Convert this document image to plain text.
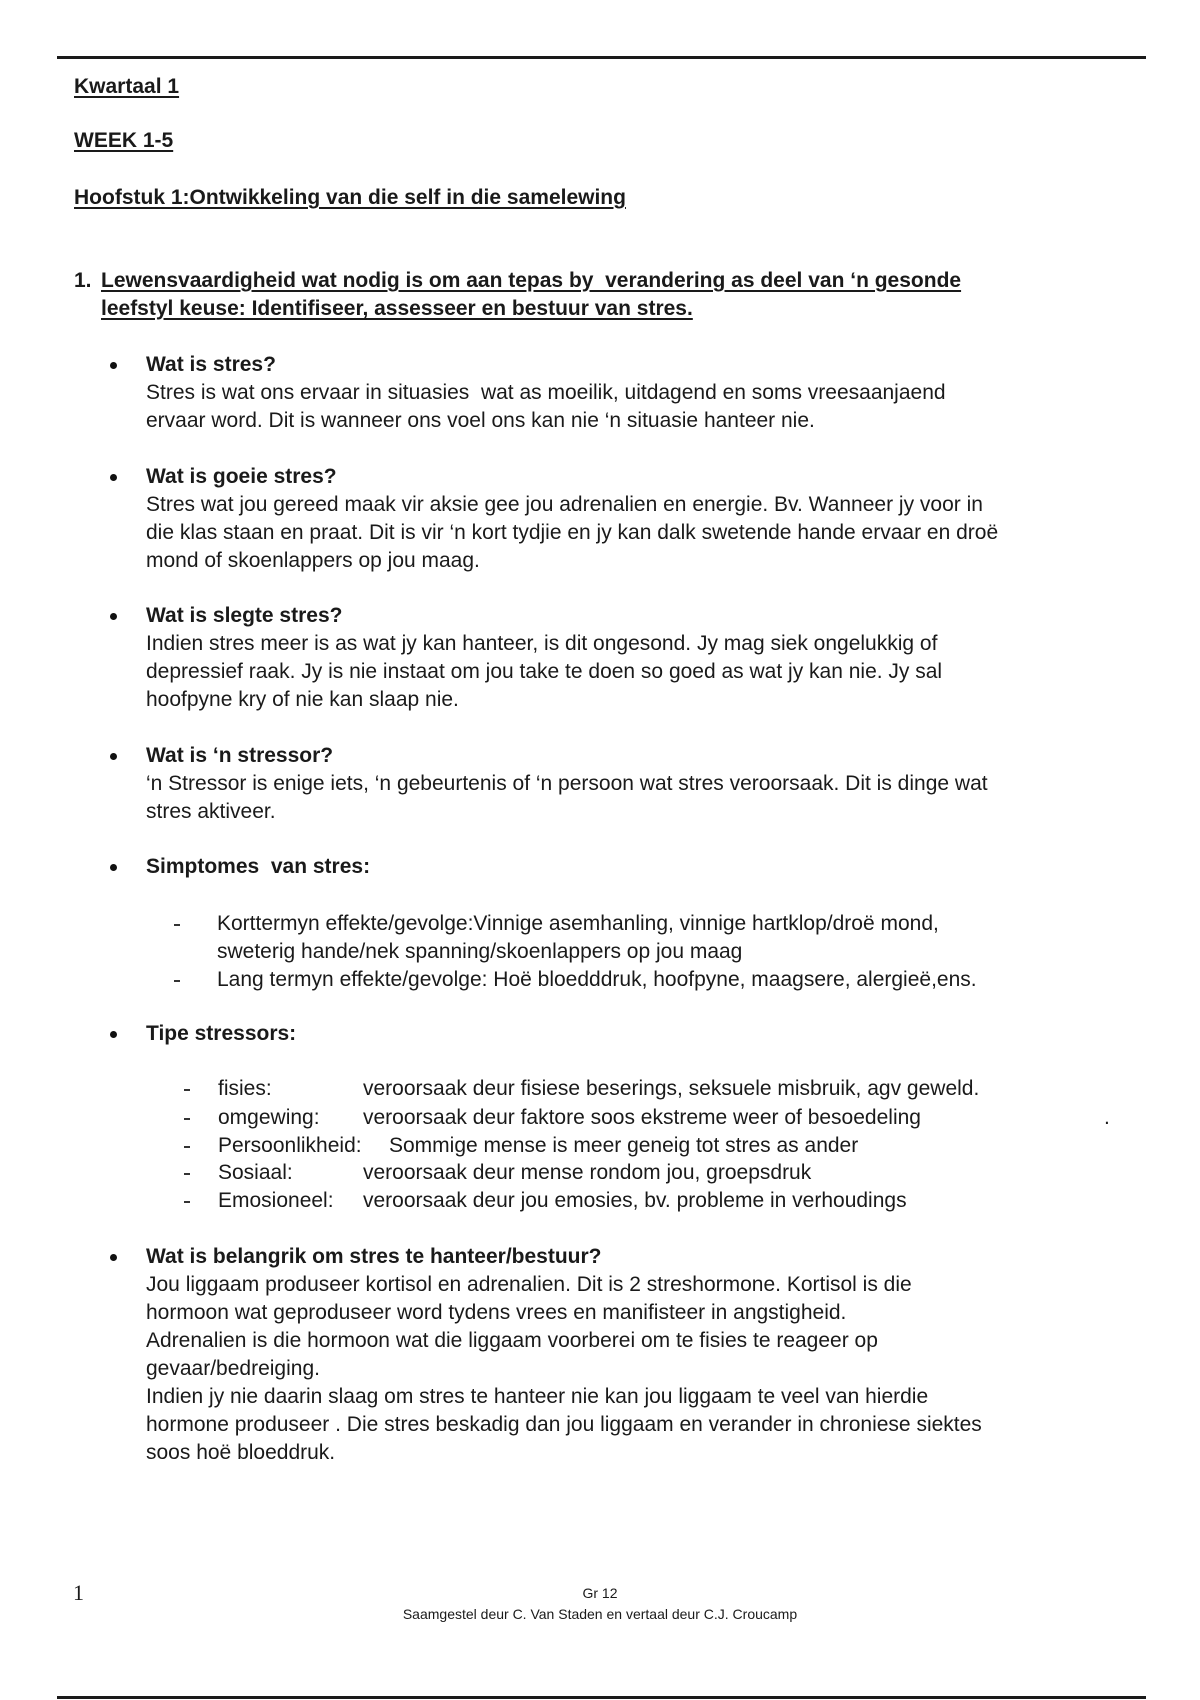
Kwartaal 1
WEEK 1-5
Hoofstuk 1:Ontwikkeling van die self in die samelewing
1. Lewensvaardigheid wat nodig is om aan tepas by  verandering as deel van ‘n gesonde
leefstyl keuse: Identifiseer, assesseer en bestuur van stres.
Wat is stres?
Stres is wat ons ervaar in situasies  wat as moeilik, uitdagend en soms vreesaanjaend
ervaar word. Dit is wanneer ons voel ons kan nie ‘n situasie hanteer nie.
Wat is goeie stres?
Stres wat jou gereed maak vir aksie gee jou adrenalien en energie. Bv. Wanneer jy voor in
die klas staan en praat. Dit is vir ‘n kort tydjie en jy kan dalk swetende hande ervaar en droë
mond of skoenlappers op jou maag.
Wat is slegte stres?
Indien stres meer is as wat jy kan hanteer, is dit ongesond. Jy mag siek ongelukkig of
depressief raak. Jy is nie instaat om jou take te doen so goed as wat jy kan nie. Jy sal
hoofpyne kry of nie kan slaap nie.
Wat is ‘n stressor?
‘n Stressor is enige iets, ‘n gebeurtenis of ‘n persoon wat stres veroorsaak. Dit is dinge wat
stres aktiveer.
Simptomes  van stres:
Tipe stressors:
Wat is belangrik om stres te hanteer/bestuur?
Jou liggaam produseer kortisol en adrenalien. Dit is 2 streshormone. Kortisol is die
hormoon wat geproduseer word tydens vrees en manifisteer in angstigheid.
Adrenalien is die hormoon wat die liggaam voorberei om te fisies te reageer op
gevaar/bedreiging.
Indien jy nie daarin slaag om stres te hanteer nie kan jou liggaam te veel van hierdie
hormone produseer . Die stres beskadig dan jou liggaam en verander in chroniese siektes
soos hoë bloeddruk.
Korttermyn effekte/gevolge:Vinnige asemhanling, vinnige hartklop/droë mond,
sweterig hande/nek spanning/skoenlappers op jou maag
Lang termyn effekte/gevolge: Hoë bloedddruk, hoofpyne, maagsere, alergieë,ens.
fisies:	veroorsaak deur fisiese beserings, seksuele misbruik, agv geweld.
omgewing: veroorsaak deur faktore soos ekstreme weer of besoedeling
Persoonlikheid: Sommige mense is meer geneig tot stres as ander
Sosiaal:	veroorsaak deur mense rondom jou, groepsdruk
Emosioneel: veroorsaak deur jou emosies, bv. probleme in verhoudings
.
1	Gr 12
Saamgestel deur C. Van Staden en vertaal deur C.J. Croucamp
